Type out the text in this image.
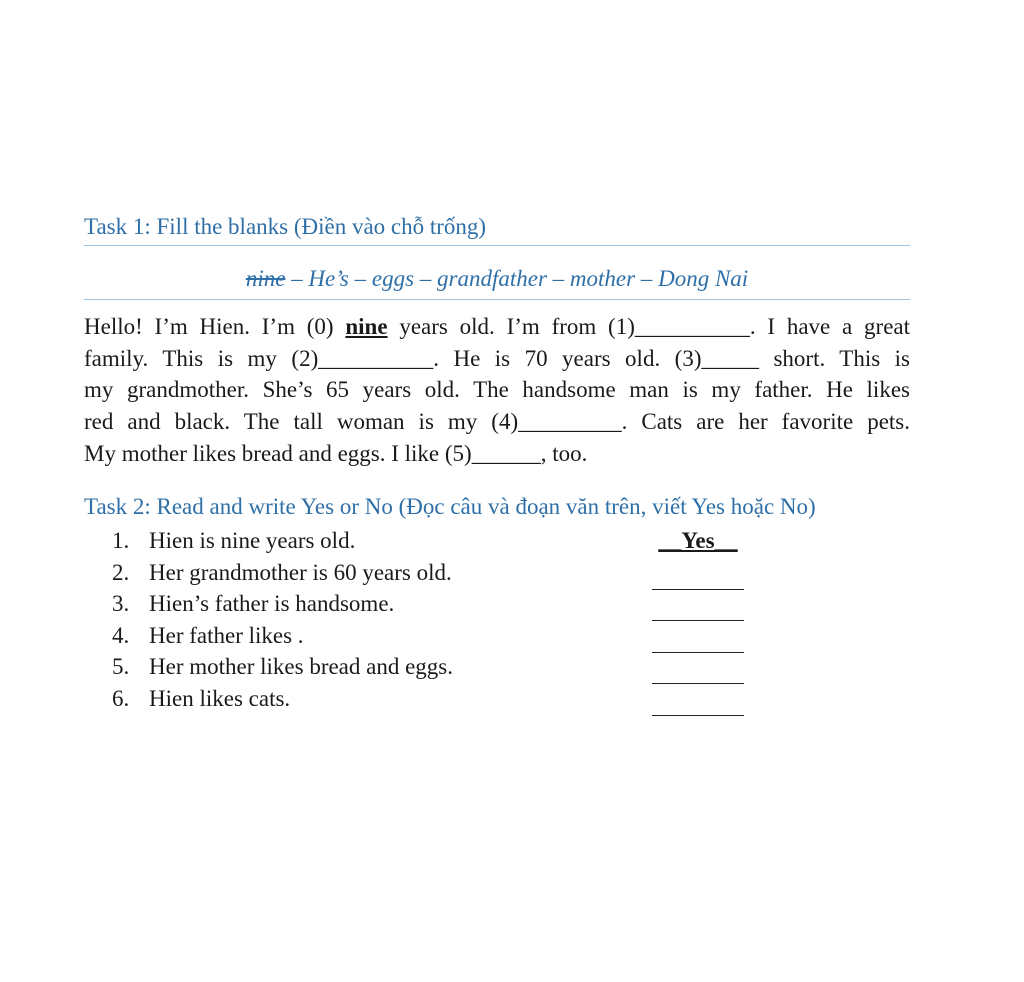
Task 1: Fill the blanks (Điền vào chỗ trống)
nine – He’s – eggs – grandfather – mother – Dong Nai
Hello! I’m Hien. I’m (0) nine years old. I’m from (1)__________. I have a great
family. This is my (2)__________. He is 70 years old. (3)_____ short. This is
my grandmother. She’s 65 years old. The handsome man is my father. He likes
red and black. The tall woman is my (4)_________. Cats are her favorite pets.
My mother likes bread and eggs. I like (5)______, too.
Task 2: Read and write Yes or No (Đọc câu và đoạn văn trên, viết Yes hoặc No)
1. Hien is nine years old.	__Yes__
2. Her grandmother is 60 years old.
3. Hien’s father is handsome.
4. Her father likes .
5. Her mother likes bread and eggs.
6. Hien likes cats.
